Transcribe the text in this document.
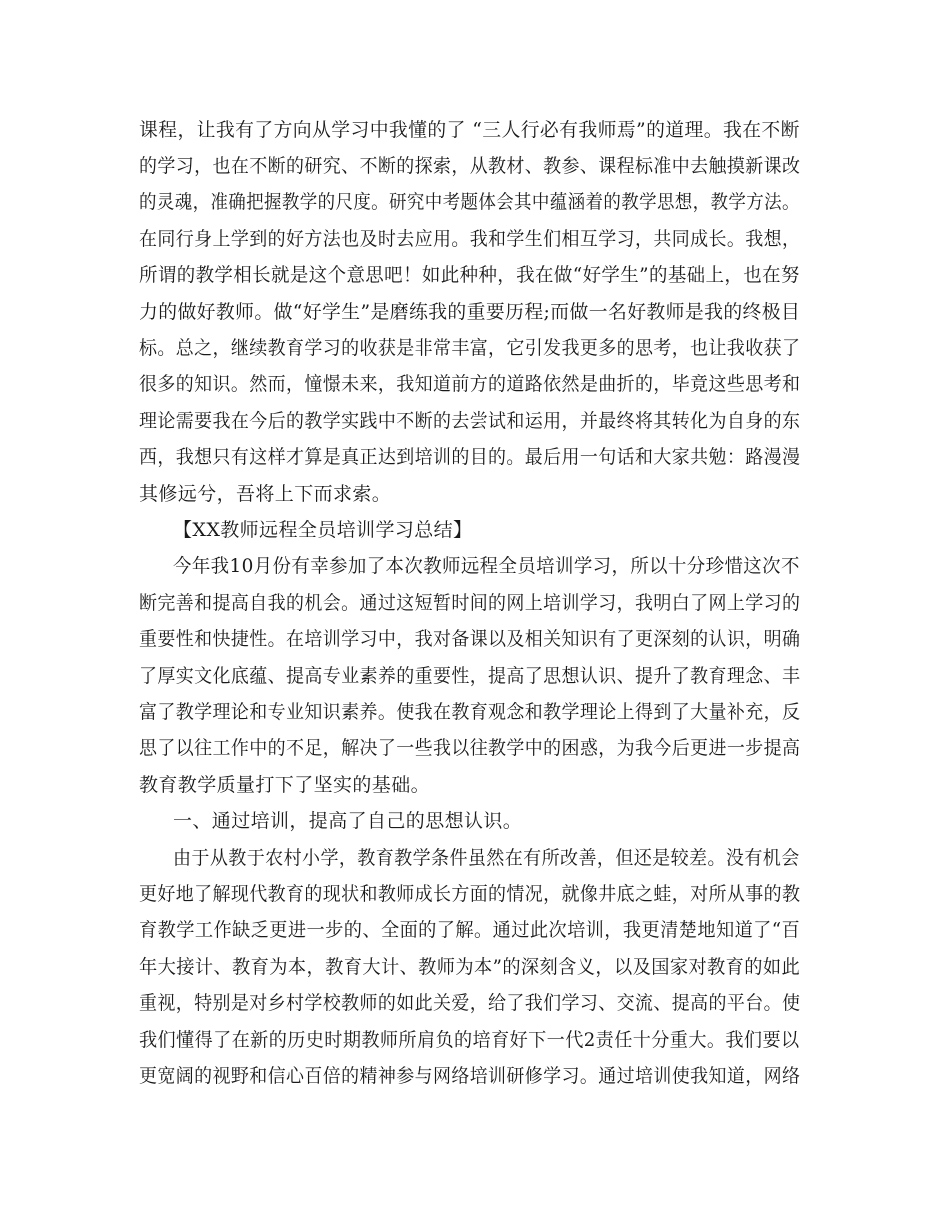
课程，让我有了方向从学习中我懂的了 “三人行必有我师焉”的道理。我在不断
的学习，也在不断的研究、不断的探索，从教材、教参、课程标准中去触摸新课改
的灵魂，准确把握教学的尺度。研究中考题体会其中蕴涵着的教学思想，教学方法。
在同行身上学到的好方法也及时去应用。我和学生们相互学习，共同成长。我想，
所谓的教学相长就是这个意思吧！如此种种，我在做“好学生”的基础上，也在努
力的做好教师。做“好学生”是磨练我的重要历程;而做一名好教师是我的终极目
标。总之，继续教育学习的收获是非常丰富，它引发我更多的思考，也让我收获了
很多的知识。然而，憧憬未来，我知道前方的道路依然是曲折的，毕竟这些思考和
理论需要我在今后的教学实践中不断的去尝试和运用，并最终将其转化为自身的东
西，我想只有这样才算是真正达到培训的目的。最后用一句话和大家共勉：路漫漫
其修远兮，吾将上下而求索。
【XX教师远程全员培训学习总结】
今年我10月份有幸参加了本次教师远程全员培训学习，所以十分珍惜这次不
断完善和提高自我的机会。通过这短暂时间的网上培训学习，我明白了网上学习的
重要性和快捷性。在培训学习中，我对备课以及相关知识有了更深刻的认识，明确
了厚实文化底蕴、提高专业素养的重要性，提高了思想认识、提升了教育理念、丰
富了教学理论和专业知识素养。使我在教育观念和教学理论上得到了大量补充，反
思了以往工作中的不足，解决了一些我以往教学中的困惑，为我今后更进一步提高
教育教学质量打下了坚实的基础。
一、通过培训，提高了自己的思想认识。
由于从教于农村小学，教育教学条件虽然在有所改善，但还是较差。没有机会
更好地了解现代教育的现状和教师成长方面的情况，就像井底之蛙，对所从事的教
育教学工作缺乏更进一步的、全面的了解。通过此次培训，我更清楚地知道了“百
年大接计、教育为本，教育大计、教师为本”的深刻含义，以及国家对教育的如此
重视，特别是对乡村学校教师的如此关爱，给了我们学习、交流、提高的平台。使
我们懂得了在新的历史时期教师所肩负的培育好下一代2责任十分重大。我们要以
更宽阔的视野和信心百倍的精神参与网络培训研修学习。通过培训使我知道，网络
